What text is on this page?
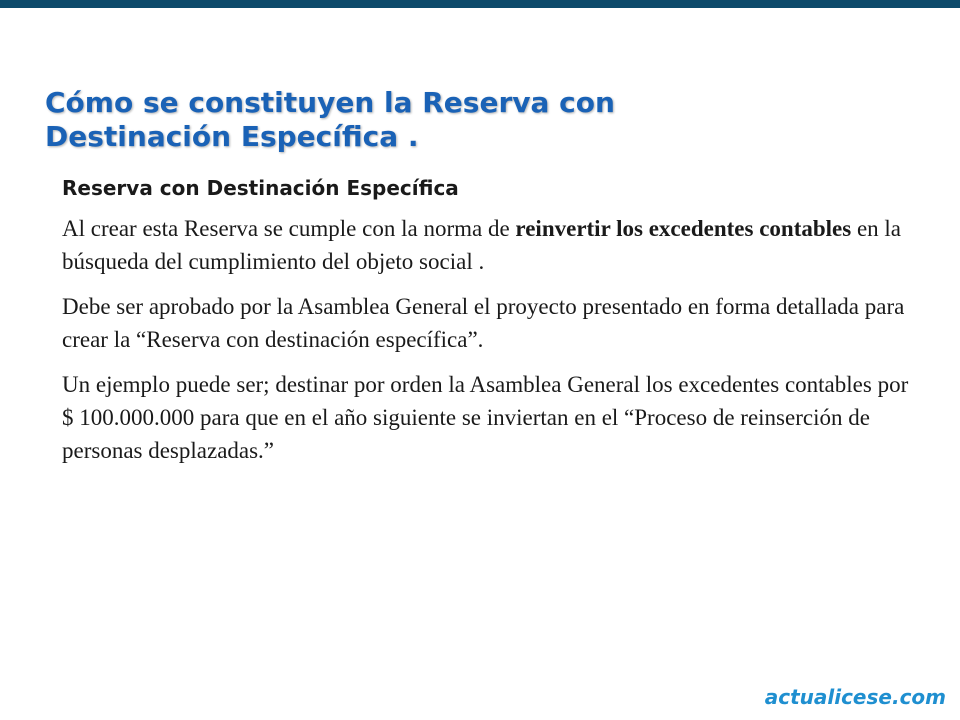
Cómo se constituyen la Reserva con
Destinación Específica .
Reserva con Destinación Específica

Al crear esta Reserva se cumple con la norma de reinvertir los excedentes contables en la búsqueda del cumplimiento del objeto social .

Debe ser aprobado por la Asamblea General el proyecto presentado en forma detallada para crear la “Reserva con destinación específica”.

Un ejemplo puede ser; destinar por orden la Asamblea General los excedentes contables por $ 100.000.000 para que en el año siguiente se inviertan en el “Proceso de reinserción de personas desplazadas.”

actualicese.com
